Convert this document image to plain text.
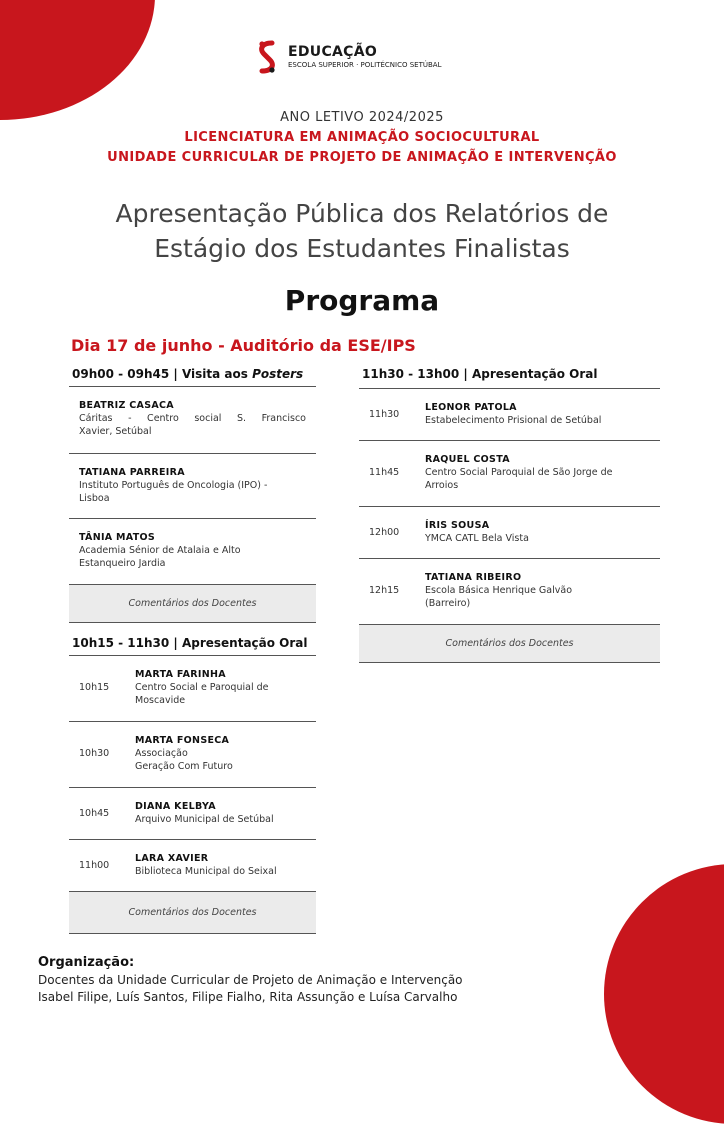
EDUCAÇÃO
ESCOLA SUPERIOR · POLITÉCNICO SETÚBAL
ANO LETIVO 2024/2025
LICENCIATURA EM ANIMAÇÃO SOCIOCULTURAL
UNIDADE CURRICULAR DE PROJETO DE ANIMAÇÃO E INTERVENÇÃO
Apresentação Pública dos Relatórios de
Estágio dos Estudantes Finalistas
Programa
Dia 17 de junho - Auditório da ESE/IPS
09h00 - 09h45 | Visita aos Posters
BEATRIZ CASACA
Cáritas - Centro social S. Francisco
Xavier, Setúbal
TATIANA PARREIRA
Instituto Português de Oncologia (IPO) -
Lisboa
TÂNIA MATOS
Academia Sénior de Atalaia e Alto
Estanqueiro Jardia
Comentários dos Docentes
10h15 - 11h30 | Apresentação Oral
10h15
MARTA FARINHA
Centro Social e Paroquial de
Moscavide
10h30
MARTA FONSECA
Associação
Geração Com Futuro
10h45
DIANA KELBYA
Arquivo Municipal de Setúbal
11h00
LARA XAVIER
Biblioteca Municipal do Seixal
Comentários dos Docentes
11h30 - 13h00 | Apresentação Oral
11h30
LEONOR PATOLA
Estabelecimento Prisional de Setúbal
11h45
RAQUEL COSTA
Centro Social Paroquial de São Jorge de
Arroios
12h00
ÍRIS SOUSA
YMCA CATL Bela Vista
12h15
TATIANA RIBEIRO
Escola Básica Henrique Galvão
(Barreiro)
Comentários dos Docentes
Organização:
Docentes da Unidade Curricular de Projeto de Animação e Intervenção
Isabel Filipe, Luís Santos, Filipe Fialho, Rita Assunção e Luísa Carvalho
